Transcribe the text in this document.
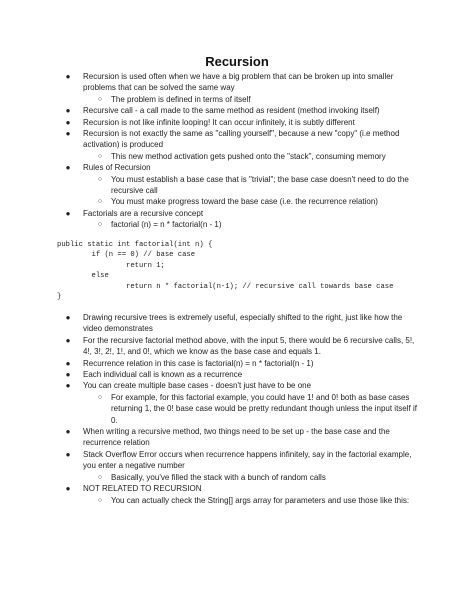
Recursion
●	Recursion is used often when we have a big problem that can be broken up into smaller problems that can be solved the same way
○	The problem is defined in terms of itself
●	Recursive call - a call made to the same method as resident (method invoking itself)
●	Recursion is not like infinite looping! It can occur infinitely, it is subtly different
●	Recursion is not exactly the same as "calling yourself", because a new "copy" (i.e method activation) is produced
○	This new method activation gets pushed onto the "stack", consuming memory
●	Rules of Recursion
○	You must establish a base case that is "trivial"; the base case doesn't need to do the recursive call
○	You must make progress toward the base case (i.e. the recurrence relation)
●	Factorials are a recursive concept
○	factorial (n) = n * factorial(n - 1)
public static int factorial(int n) {
if (n == 0) // base case
return 1;
else
return n * factorial(n-1); // recursive call towards base case
}
●	Drawing recursive trees is extremely useful, especially shifted to the right, just like how the video demonstrates
●	For the recursive factorial method above, with the input 5, there would be 6 recursive calls, 5!, 4!, 3!, 2!, 1!, and 0!, which we know as the base case and equals 1.
●	Recurrence relation in this case is factorial(n) = n * factorial(n - 1)
●	Each individual call is known as a recurrence
●	You can create multiple base cases - doesn't just have to be one
○	For example, for this factorial example, you could have 1! and 0! both as base cases returning 1, the 0! base case would be pretty redundant though unless the input itself if 0.
●	When writing a recursive method, two things need to be set up - the base case and the recurrence relation
●	Stack Overflow Error occurs when recurrence happens infinitely, say in the factorial example, you enter a negative number
○	Basically, you've filled the stack with a bunch of random calls
●	NOT RELATED TO RECURSION
○	You can actually check the String[] args array for parameters and use those like this:
